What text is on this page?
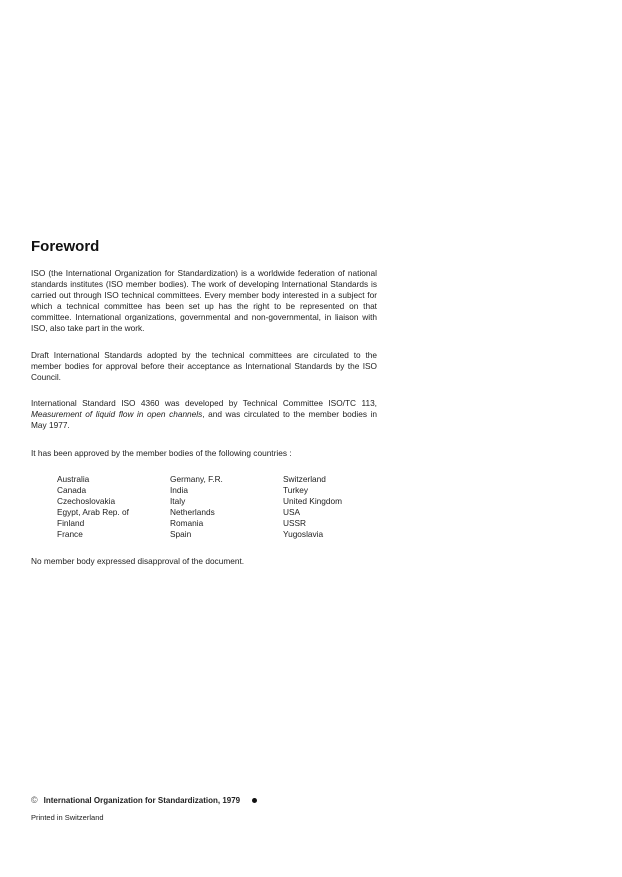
Foreword

ISO (the International Organization for Standardization) is a worldwide federation of national standards institutes (ISO member bodies). The work of developing International Standards is carried out through ISO technical committees. Every member body interested in a subject for which a technical committee has been set up has the right to be represented on that committee. International organizations, governmental and non-governmental, in liaison with ISO, also take part in the work.

Draft International Standards adopted by the technical committees are circulated to the member bodies for approval before their acceptance as International Standards by the ISO Council.

International Standard ISO 4360 was developed by Technical Committee ISO/TC 113, Measurement of liquid flow in open channels, and was circulated to the member bodies in May 1977.

It has been approved by the member bodies of the following countries :

Australia
Canada
Czechoslovakia
Egypt, Arab Rep. of
Finland
France
Germany, F.R.
India
Italy
Netherlands
Romania
Spain
Switzerland
Turkey
United Kingdom
USA
USSR
Yugoslavia

No member body expressed disapproval of the document.

© International Organization for Standardization, 1979
Printed in Switzerland
